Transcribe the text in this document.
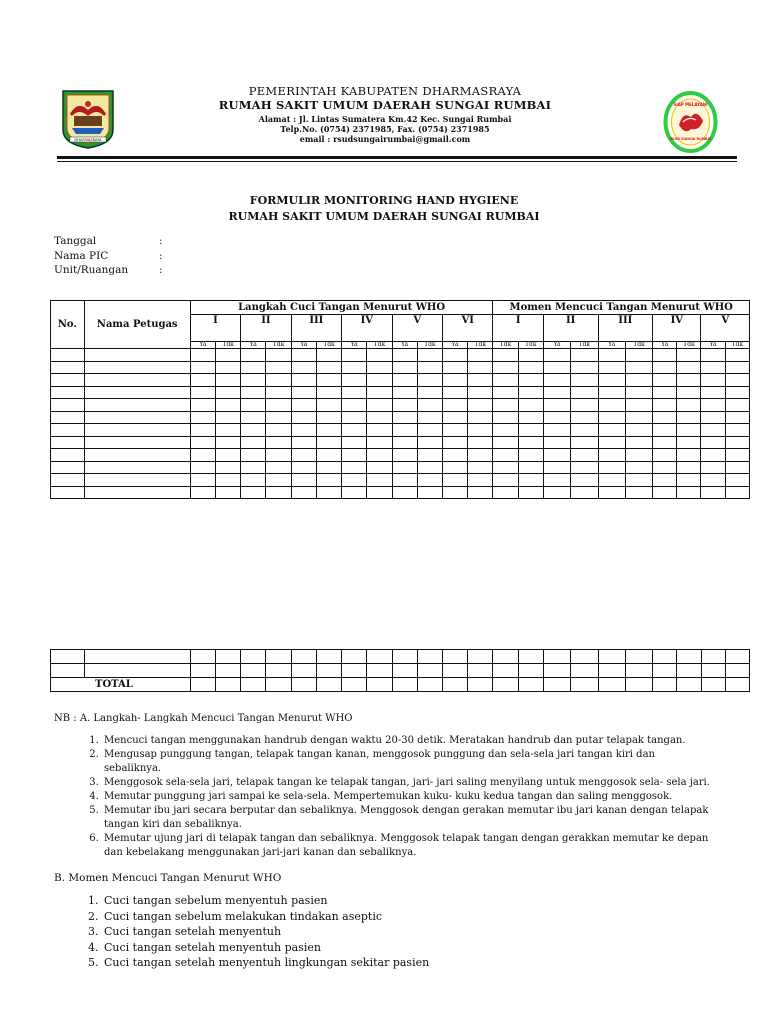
DHARMASRAYA
PEMERINTAH KABUPATEN DHARMASRAYA
RUMAH SAKIT UMUM DAERAH SUNGAI RUMBAI
Alamat : Jl. Lintas Sumatera Km.42 Kec. Sungai Rumbai
Telp.No. (0754) 2371985, Fax. (0754) 2371985
email : rsudsungairumbai@gmail.com
SIAP MELAYANI
RSUD SUNGAI RUMBAI
FORMULIR MONITORING HAND HYGIENE
RUMAH SAKIT UMUM DAERAH SUNGAI RUMBAI
Tanggal	:
Nama PIC	:
Unit/Ruangan	:
No.	Nama Petugas	Langkah Cuci Tangan Menurut WHO												Momen Mencuci Tangan Menurut WHO									
		I		II		III		IV		V		VI		I		II		III		IV		V	
		Ya	Tdk	Ya	Tdk	Ya	Tdk	Ya	Tdk	Ya	Tdk	Ya	Tdk	Tdk	Tdk	Ya	Tdk	Ya	Tdk	Ya	Tdk	Ya	Tdk

TOTAL																							
NB : A. Langkah- Langkah Mencuci Tangan Menurut WHO
1. Mencuci tangan menggunakan handrub dengan waktu 20-30 detik. Meratakan handrub dan putar telapak tangan.
2. Mengusap punggung tangan, telapak tangan kanan, menggosok punggung dan sela-sela jari tangan kiri dan sebaliknya.
3. Menggosok sela-sela jari, telapak tangan ke telapak tangan, jari- jari saling menyilang untuk menggosok sela- sela jari.
4. Memutar punggung jari sampai ke sela-sela. Mempertemukan kuku- kuku kedua tangan dan saling menggosok.
5. Memutar ibu jari secara berputar dan sebaliknya. Menggosok dengan gerakan memutar ibu jari kanan dengan telapak tangan kiri dan sebaliknya.
6. Memutar ujung jari di telapak tangan dan sebaliknya. Menggosok telapak tangan dengan gerakkan memutar ke depan dan kebelakang menggunakan jari-jari kanan dan sebaliknya.
B. Momen Mencuci Tangan Menurut WHO
1. Cuci tangan sebelum menyentuh pasien
2. Cuci tangan sebelum melakukan tindakan aseptic
3. Cuci tangan setelah menyentuh
4. Cuci tangan setelah menyentuh pasien
5. Cuci tangan setelah menyentuh lingkungan sekitar pasien
